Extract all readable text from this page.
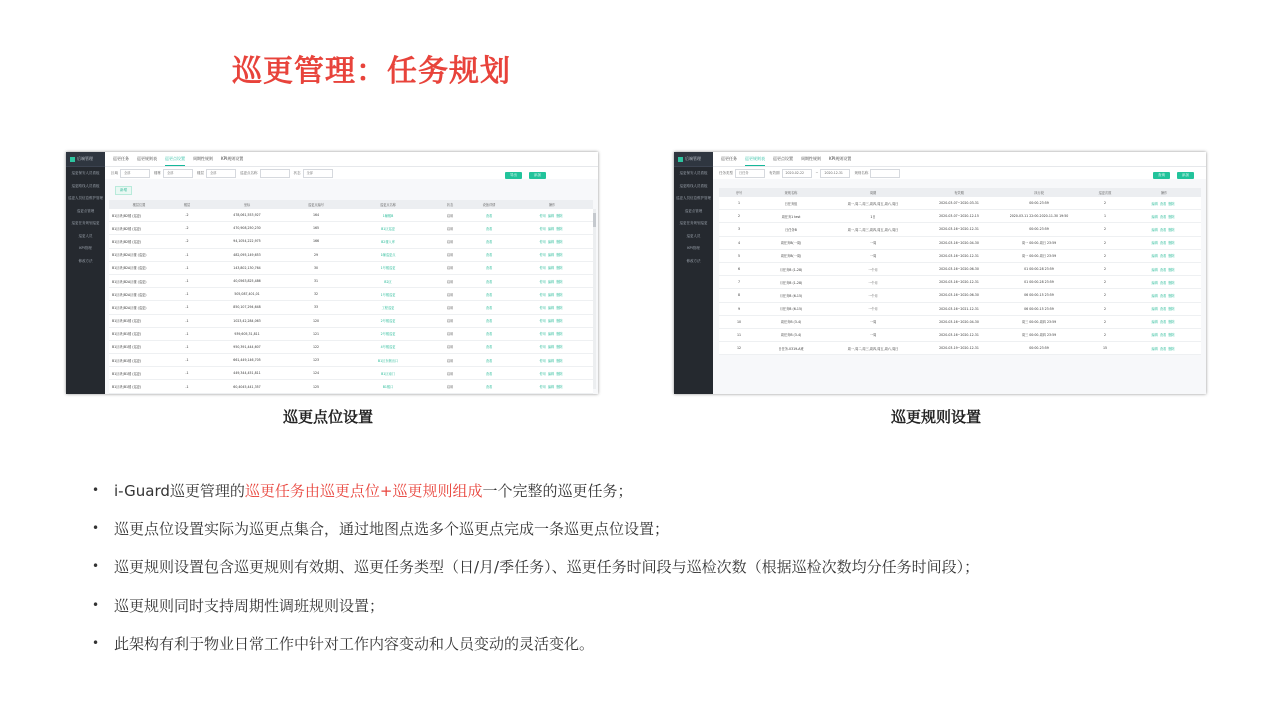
巡更管理：任务规划
后端管理
巡更保安人员看板
巡更路线人员看板
巡更人员信息维护管理
巡更点管理
巡更任务规划巡更
巡更人员
KPI管理
修改方法
巡更任务 巡更规则表 巡更点设置 周期性规则 KPI规则设置
区域	全部	楼栋	全部	楼层	全部	巡更点名称	状态	全部
导出	添加
新增
楼层位置	楼层	坐标	巡更点编号	巡更点名称	状态	设备详情	操作
B1区块(B2楼 (巡更)	-2	478,061,553,927	164	1幢楼B	启用	查看	停用 编辑 删除
B1区块(B2楼 (巡更)	-2	470,908,250,230	165	B1区巡更	启用	查看	停用 编辑 删除
B1区块(B2楼 (巡更)	-2	94,1054,222,975	166	B2楼入库	启用	查看	停用 编辑 删除
B1区块(B2A区楼 (巡更)	-1	482,095,149,653	29	1幢巡更点	启用	查看	停用 编辑 删除
B1区块(B2A区楼 (巡更)	-1	143,802,130,764	30	1号楼巡更	启用	查看	停用 编辑 删除
B1区块(B2A区楼 (巡更)	-1	40,0563,825,486	31	B2区	启用	查看	停用 编辑 删除
B1区块(B2A区楼 (巡更)	-1	505,087,401,01	32	1号楼巡更	启用	查看	停用 编辑 删除
B1区块(B2A区楼 (巡更)	-1	850,107,294,648	33	工程巡更	启用	查看	停用 编辑 删除
B1区块(B1楼 (巡更)	-1	1023,42,284,063	120	2号楼巡更	启用	查看	停用 编辑 删除
B1区块(B1楼 (巡更)	-1	939,605,31,811	121	2号楼巡更	启用	查看	停用 编辑 删除
B1区块(B1楼 (巡更)	-1	950,391,444,607	122	4号楼巡更	启用	查看	停用 编辑 删除
B1区块(B1楼 (巡更)	-1	661,449,146,705	123	B1区东侧出口	启用	查看	停用 编辑 删除
B1区块(B1楼 (巡更)	-1	449,344,451,811	124	B1区南门	启用	查看	停用 编辑 删除
B1区块(B1楼 (巡更)	-1	60,4045,441,357	125	B1楼口	启用	查看	停用 编辑 删除

后端管理
巡更保安人员看板
巡更路线人员看板
巡更人员信息维护管理
巡更点管理
巡更任务规划巡更
巡更人员
KPI管理
修改方法
巡更任务 巡更规则表 巡更点设置 周期性规则 KPI规则设置
任务类型	日任务	有效期	2020-02-22	~	2020-12-31	规则名称
查询	添加
序号	规则名称	周期	有效期	执行段	巡更次数	操作
1	日任务组	周一,周二,周三,周四,周五,周六,周日	2020-03-07~2020-03-31	00:00-23:59	2	编辑 查看 删除
2	周任务1 test	1日	2020-03-07~2020-12-15	2020-03-11 22:00-2020-11-30 19:50	1	编辑 查看 删除
3	日任务B	周一,周二,周三,周四,周五,周六,周日	2020-03-16~2020-12-31	00:00-23:59	2	编辑 查看 删除
4	周任务B(一周)	一周	2020-03-16~2020-04-30	周一 00:00-周日 23:59	2	编辑 查看 删除
5	周任务B(一周)	一周	2020-03-16~2020-12-31	周一 00:00-周日 23:59	2	编辑 查看 删除
6	月任务B (1-28)	一个月	2020-03-16~2020-06-30	01 00:00-28 23:59	2	编辑 查看 删除
7	月任务B (1-28)	一个月	2020-03-16~2020-12-31	01 00:00-28 23:59	2	编辑 查看 删除
8	月任务B (6-15)	一个月	2020-03-16~2020-06-30	06 00:00-15 23:59	2	编辑 查看 删除
9	月任务B (6-15)	一个月	2020-03-16~2021-12-31	06 00:00-15 23:59	2	编辑 查看 删除
10	周任务B (3-4)	一周	2020-03-16~2020-04-30	周三 00:00-周四 23:59	2	编辑 查看 删除
11	周任务B (3-4)	一周	2020-03-16~2020-12-31	周三 00:00-周四 23:59	2	编辑 查看 删除
12	日任务-0319-A班	周一,周二,周三,周四,周五,周六,周日	2020-03-19~2020-12-31	00:00-23:59	15	编辑 查看 删除
巡更点位设置	巡更规则设置
• i-Guard巡更管理的巡更任务由巡更点位+巡更规则组成一个完整的巡更任务；
• 巡更点位设置实际为巡更点集合，通过地图点选多个巡更点完成一条巡更点位设置；
• 巡更规则设置包含巡更规则有效期、巡更任务类型（日/月/季任务）、巡更任务时间段与巡检次数（根据巡检次数均分任务时间段）；
• 巡更规则同时支持周期性调班规则设置；
• 此架构有利于物业日常工作中针对工作内容变动和人员变动的灵活变化。
